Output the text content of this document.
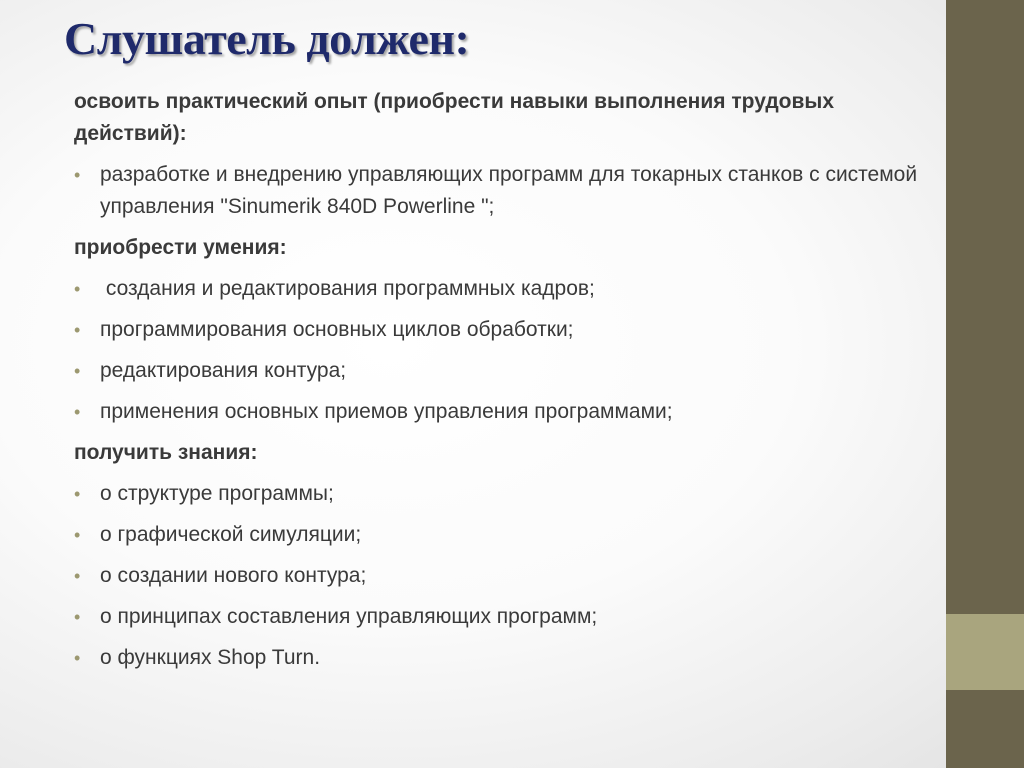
Слушатель должен:
освоить практический опыт (приобрести навыки выполнения трудовых действий):
• разработке и внедрению управляющих программ для токарных станков с системой управления "Sinumerik 840D Powerline ";
приобрести умения:
• создания и редактирования программных кадров;
• программирования основных циклов обработки;
• редактирования контура;
• применения основных приемов управления программами;
получить знания:
• о структуре программы;
• о графической симуляции;
• о создании нового контура;
• о принципах составления управляющих программ;
• о функциях Shop Turn.
